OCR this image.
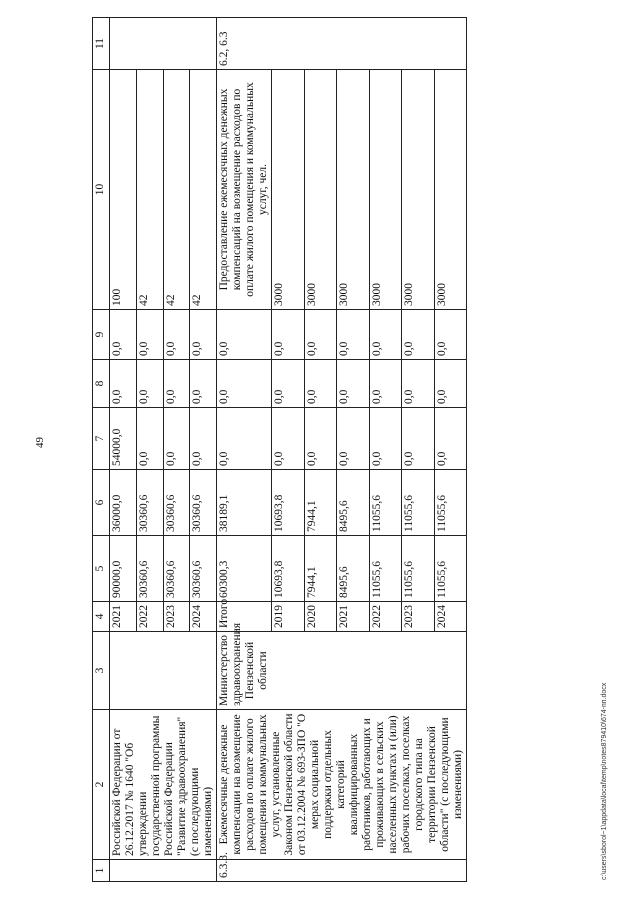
49
c:\users\sborol~1\appdata\local\temp\notes879410\674-пп.docx
1	2	3	4	5	6	7	8	9	10	11
	Российской Федерации от 26.12.2017 № 1640 "Об утверждении государственной программы Российской Федерации "Развитие здравоохранения" (с последующими изменениями)		2021	90000,0	36000,0	54000,0	0,0	0,0	100	
			2022	30360,6	30360,6	0,0	0,0	0,0	42	
			2023	30360,6	30360,6	0,0	0,0	0,0	42	
			2024	30360,6	30360,6	0,0	0,0	0,0	42	
6.3.3.	Ежемесячные денежные компенсации на возмещение расходов по оплате жилого помещения и коммунальных услуг, установленные Законом Пензенской области от 03.12.2004 № 693-ЗПО "О мерах социальной поддержки отдельных категорий квалифицированных работников, работающих и проживающих в сельских населенных пунктах и (или) рабочих поселках, поселках городского типа на территории Пензенской области" (с последующими изменениями)	Министерство здравоохранения Пензенской области	Итого	60300,3	38189,1	0,0	0,0	0,0	Предоставление ежемесячных денежных компенсаций на возмещение расходов по оплате жилого помещения и коммунальных услуг, чел.	6.2, 6.3
			2019	10693,8	10693,8	0,0	0,0	0,0	3000	
			2020	7944,1	7944,1	0,0	0,0	0,0	3000	
			2021	8495,6	8495,6	0,0	0,0	0,0	3000	
			2022	11055,6	11055,6	0,0	0,0	0,0	3000	
			2023	11055,6	11055,6	0,0	0,0	0,0	3000	
			2024	11055,6	11055,6	0,0	0,0	0,0	3000	
